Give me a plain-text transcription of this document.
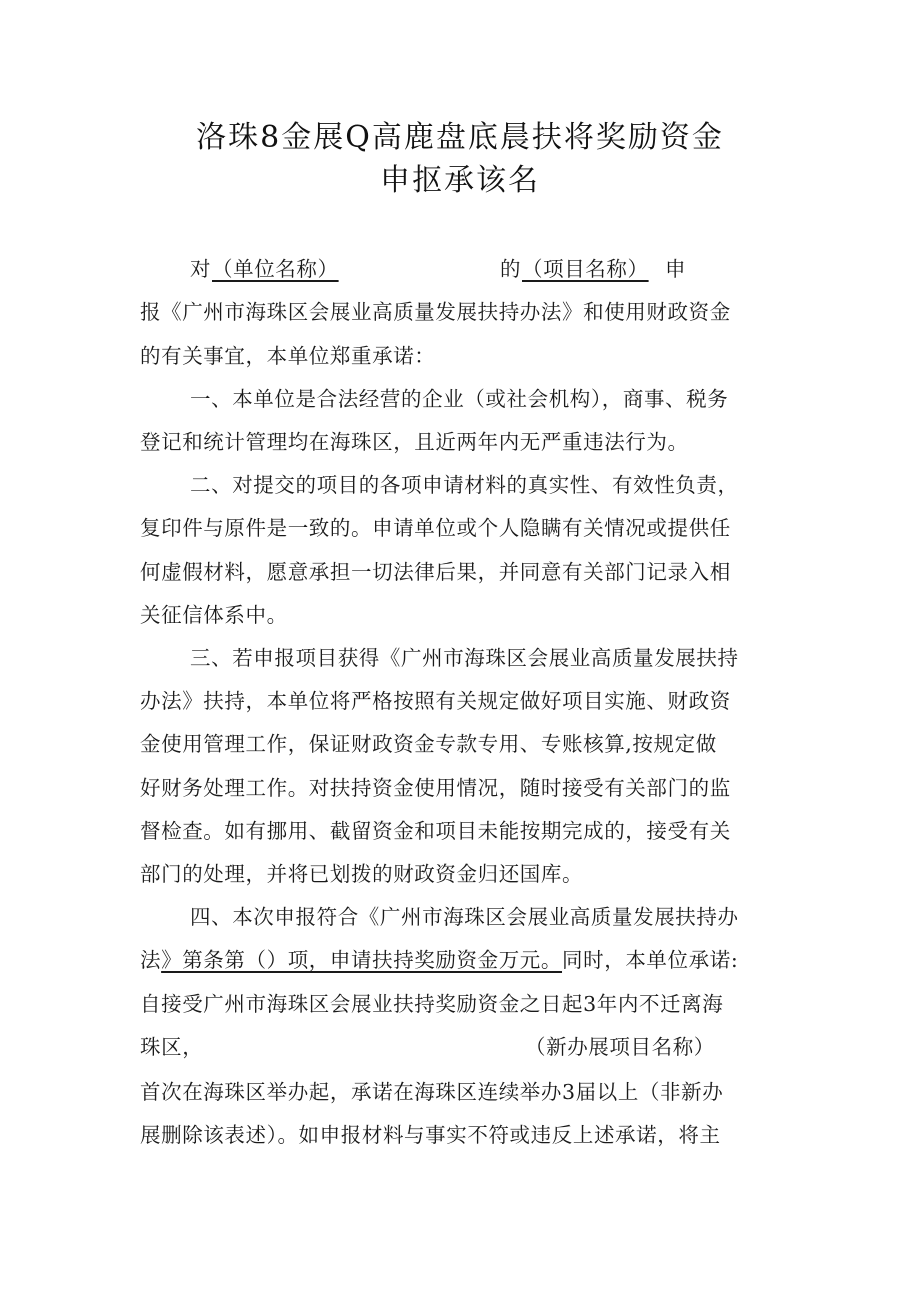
洛珠8金展Q高鹿盘底晨扶将奖励资金
申抠承该名
对 （单位名称）	的 （项目名称） 申
报《广州市海珠区会展业高质量发展扶持办法》和使用财政资金
的有关事宜，本单位郑重承诺：
一、本单位是合法经营的企业（或社会机构），商事、税务
登记和统计管理均在海珠区，且近两年内无严重违法行为。
二、对提交的项目的各项申请材料的真实性、有效性负责，
复印件与原件是一致的。申请单位或个人隐瞒有关情况或提供任
何虚假材料，愿意承担一切法律后果，并同意有关部门记录入相
关征信体系中。
三、若申报项目获得《广州市海珠区会展业高质量发展扶持
办法》扶持，本单位将严格按照有关规定做好项目实施、财政资
金使用管理工作，保证财政资金专款专用、专账核算,按规定做
好财务处理工作。对扶持资金使用情况，随时接受有关部门的监
督检查。如有挪用、截留资金和项目未能按期完成的，接受有关
部门的处理，并将已划拨的财政资金归还国库。
四、本次申报符合《广州市海珠区会展业高质量发展扶持办
法》第条第（）项，申请扶持奖励资金万元。同时，本单位承诺:
自接受广州市海珠区会展业扶持奖励资金之日起3年内不迁离海
珠区，	（新办展项目名称）
首次在海珠区举办起，承诺在海珠区连续举办3届以上（非新办
展删除该表述）。如申报材料与事实不符或违反上述承诺，将主
